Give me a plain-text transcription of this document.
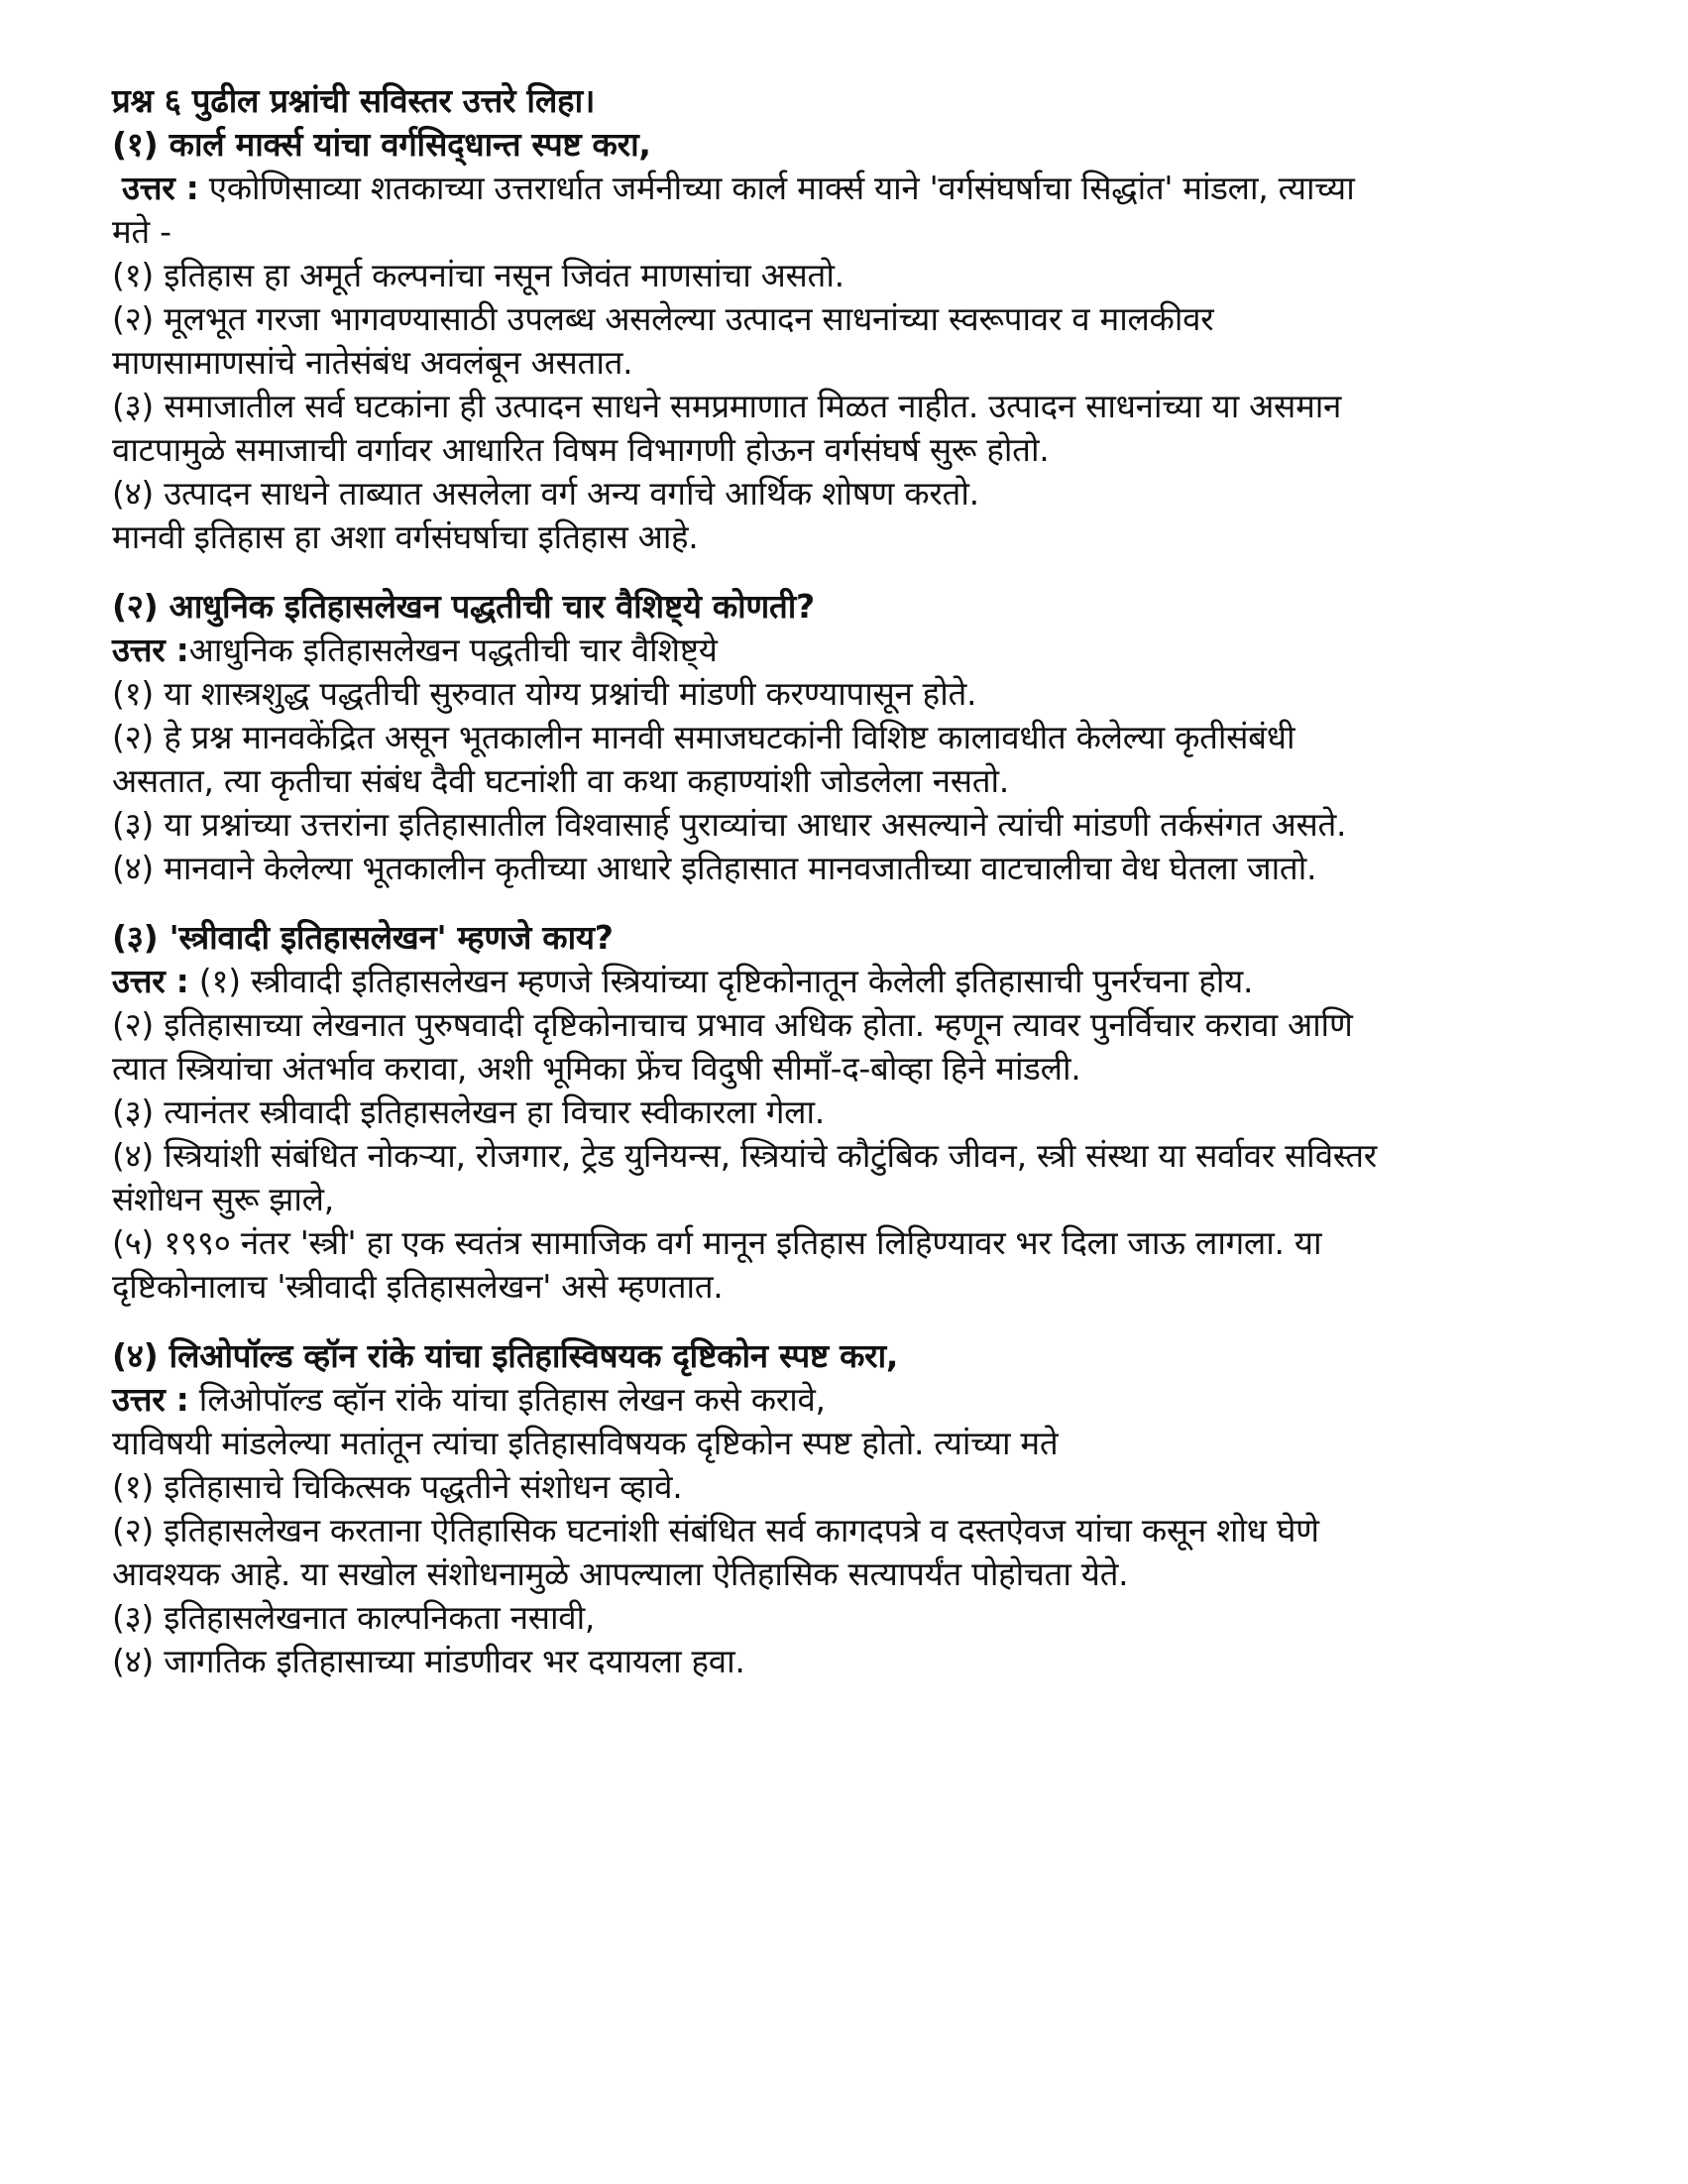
प्रश्न ६ पुढील प्रश्नांची सविस्तर उत्तरे लिहा।
(१) कार्ल मार्क्स यांचा वर्गसिद्‌धान्त स्पष्ट करा,
उत्तर : एकोणिसाव्या शतकाच्या उत्तरार्धात जर्मनीच्या कार्ल मार्क्स याने 'वर्गसंघर्षाचा सिद्धांत' मांडला, त्याच्या
मते -
(१) इतिहास हा अमूर्त कल्पनांचा नसून जिवंत माणसांचा असतो.
(२) मूलभूत गरजा भागवण्यासाठी उपलब्ध असलेल्या उत्पादन साधनांच्या स्वरूपावर व मालकीवर
माणसामाणसांचे नातेसंबंध अवलंबून असतात.
(३) समाजातील सर्व घटकांना ही उत्पादन साधने समप्रमाणात मिळत नाहीत. उत्पादन साधनांच्या या असमान
वाटपामुळे समाजाची वर्गावर आधारित विषम विभागणी होऊन वर्गसंघर्ष सुरू होतो.
(४) उत्पादन साधने ताब्यात असलेला वर्ग अन्य वर्गाचे आर्थिक शोषण करतो.
मानवी इतिहास हा अशा वर्गसंघर्षाचा इतिहास आहे.
(२) आधुनिक इतिहासलेखन पद्धतीची चार वैशिष्ट्ये कोणती?
उत्तर :आधुनिक इतिहासलेखन पद्धतीची चार वैशिष्ट्ये
(१) या शास्त्रशुद्ध पद्धतीची सुरुवात योग्य प्रश्नांची मांडणी करण्यापासून होते.
(२) हे प्रश्न मानवकेंद्रित असून भूतकालीन मानवी समाजघटकांनी विशिष्ट कालावधीत केलेल्या कृतीसंबंधी
असतात, त्या कृतीचा संबंध दैवी घटनांशी वा कथा कहाण्यांशी जोडलेला नसतो.
(३) या प्रश्नांच्या उत्तरांना इतिहासातील विश्वासार्ह पुराव्यांचा आधार असल्याने त्यांची मांडणी तर्कसंगत असते.
(४) मानवाने केलेल्या भूतकालीन कृतीच्या आधारे इतिहासात मानवजातीच्या वाटचालीचा वेध घेतला जातो.
(३) 'स्त्रीवादी इतिहासलेखन' म्हणजे काय?
उत्तर : (१) स्त्रीवादी इतिहासलेखन म्हणजे स्त्रियांच्या दृष्टिकोनातून केलेली इतिहासाची पुनर्रचना होय.
(२) इतिहासाच्या लेखनात पुरुषवादी दृष्टिकोनाचाच प्रभाव अधिक होता. म्हणून त्यावर पुनर्विचार करावा आणि
त्यात स्त्रियांचा अंतर्भाव करावा, अशी भूमिका फ्रेंच विदुषी सीमाँ-द-बोव्हा हिने मांडली.
(३) त्यानंतर स्त्रीवादी इतिहासलेखन हा विचार स्वीकारला गेला.
(४) स्त्रियांशी संबंधित नोकऱ्या, रोजगार, ट्रेड युनियन्स, स्त्रियांचे कौटुंबिक जीवन, स्त्री संस्था या सर्वावर सविस्तर
संशोधन सुरू झाले,
(५) १९९० नंतर 'स्त्री' हा एक स्वतंत्र सामाजिक वर्ग मानून इतिहास लिहिण्यावर भर दिला जाऊ लागला. या
दृष्टिकोनालाच 'स्त्रीवादी इतिहासलेखन' असे म्हणतात.
(४) लिओपॉल्ड व्हॉन रांके यांचा इतिहास्विषयक दृष्टिकोन स्पष्ट करा,
उत्तर : लिओपॉल्ड व्हॉन रांके यांचा इतिहास लेखन कसे करावे,
याविषयी मांडलेल्या मतांतून त्यांचा इतिहासविषयक दृष्टिकोन स्पष्ट होतो. त्यांच्या मते
(१) इतिहासाचे चिकित्सक पद्धतीने संशोधन व्हावे.
(२) इतिहासलेखन करताना ऐतिहासिक घटनांशी संबंधित सर्व कागदपत्रे व दस्तऐवज यांचा कसून शोध घेणे
आवश्यक आहे. या सखोल संशोधनामुळे आपल्याला ऐतिहासिक सत्यापर्यंत पोहोचता येते.
(३) इतिहासलेखनात काल्पनिकता नसावी,
(४) जागतिक इतिहासाच्या मांडणीवर भर दयायला हवा.
